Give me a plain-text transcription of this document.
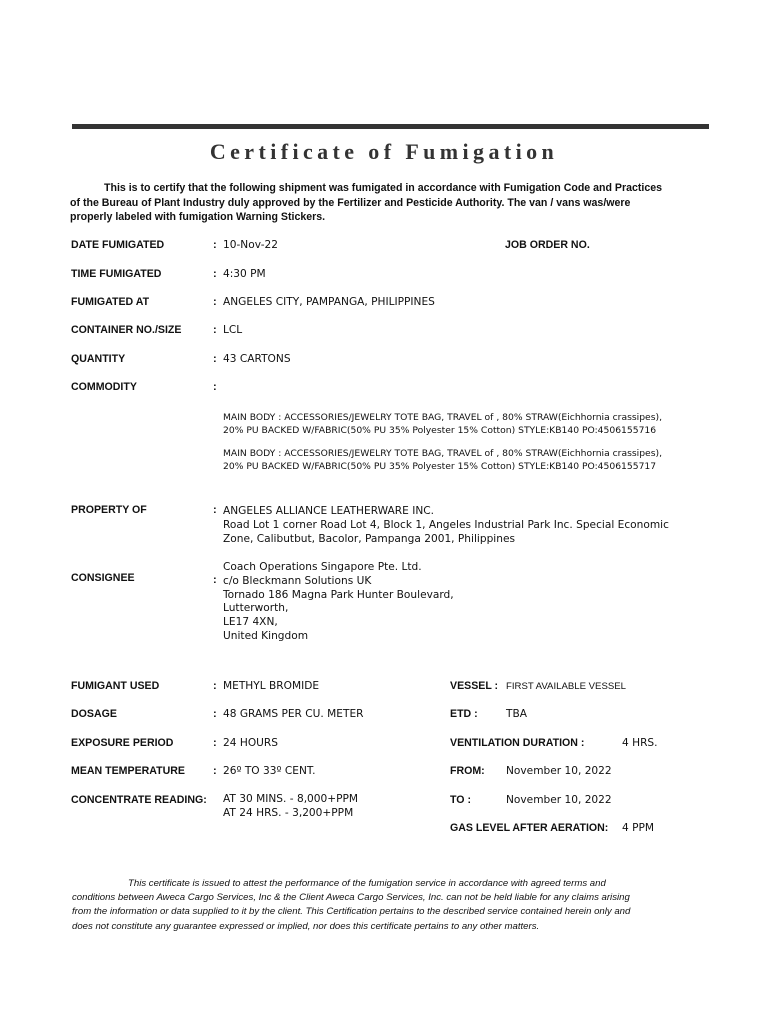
Certificate of Fumigation
This is to certify that the following shipment was fumigated in accordance with Fumigation Code and Practices of the Bureau of Plant Industry duly approved by the Fertilizer and Pesticide Authority. The van / vans was/were properly labeled with fumigation Warning Stickers.
DATE FUMIGATED	: 10-Nov-22	JOB ORDER NO.
TIME FUMIGATED	: 4:30 PM
FUMIGATED AT	: ANGELES CITY, PAMPANGA, PHILIPPINES
CONTAINER NO./SIZE	: LCL
QUANTITY	: 43 CARTONS
COMMODITY	:
MAIN BODY : ACCESSORIES/JEWELRY TOTE BAG, TRAVEL of , 80% STRAW(Eichhornia crassipes),
20% PU BACKED W/FABRIC(50% PU 35% Polyester 15% Cotton) STYLE:KB140 PO:4506155716
MAIN BODY : ACCESSORIES/JEWELRY TOTE BAG, TRAVEL of , 80% STRAW(Eichhornia crassipes),
20% PU BACKED W/FABRIC(50% PU 35% Polyester 15% Cotton) STYLE:KB140 PO:4506155717
PROPERTY OF	: ANGELES ALLIANCE LEATHERWARE INC.
Road Lot 1 corner Road Lot 4, Block 1, Angeles Industrial Park Inc. Special Economic
Zone, Calibutbut, Bacolor, Pampanga 2001, Philippines
CONSIGNEE	:
Coach Operations Singapore Pte. Ltd.
c/o Bleckmann Solutions UK
Tornado 186 Magna Park Hunter Boulevard,
Lutterworth,
LE17 4XN,
United Kingdom
FUMIGANT USED	: METHYL BROMIDE	VESSEL : FIRST AVAILABLE VESSEL
DOSAGE	: 48 GRAMS PER CU. METER	ETD :	TBA
EXPOSURE PERIOD	: 24 HOURS	VENTILATION DURATION :	4 HRS.
MEAN TEMPERATURE	: 26º TO 33º CENT.	FROM: November 10, 2022
CONCENTRATE READING: AT 30 MINS. - 8,000+PPM
AT 24 HRS. - 3,200+PPM
TO :	November 10, 2022
GAS LEVEL AFTER AERATION: 4 PPM
This certificate is issued to attest the performance of the fumigation service in accordance with agreed terms and conditions between Aweca Cargo Services, Inc & the Client Aweca Cargo Services, Inc. can not be held liable for any claims arising from the information or data supplied to it by the client. This Certification pertains to the described service contained herein only and does not constitute any guarantee expressed or implied, nor does this certificate pertains to any other matters.
